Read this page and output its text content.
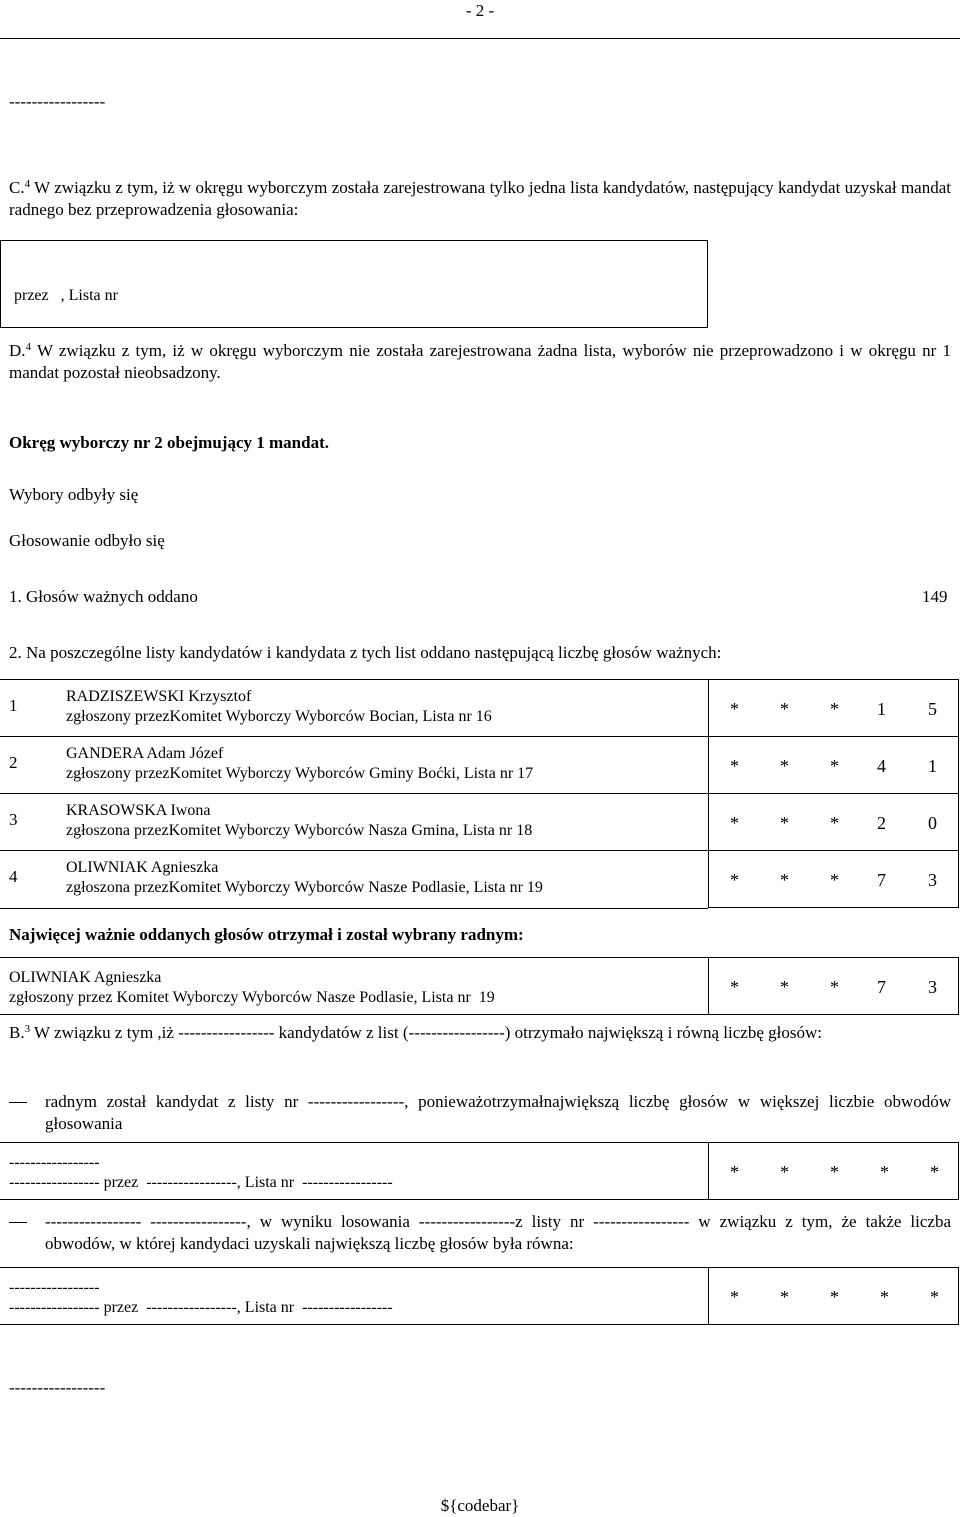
- 2 -
-----------------
C.$^4$ W związku z tym, iż w okręgu wyborczym została zarejestrowana tylko jedna lista kandydatów, następujący kandydat uzyskał mandat radnego bez przeprowadzenia głosowania:
przez   , Lista nr
D.$^4$ W związku z tym, iż w okręgu wyborczym nie została zarejestrowana żadna lista, wyborów nie przeprowadzono i w okręgu nr 1 mandat pozostał nieobsadzony.
Okręg wyborczy nr 2 obejmujący 1 mandat.
Wybory odbyły się
Głosowanie odbyło się
1. Głosów ważnych oddano	149
2. Na poszczególne listy kandydatów i kandydata z tych list oddano następującą liczbę głosów ważnych:
1	RADZISZEWSKI Krzysztof
zgłoszony przezKomitet Wyborczy Wyborców Bocian, Lista nr 16	* * * 1 5
2	GANDERA Adam Józef
zgłoszony przezKomitet Wyborczy Wyborców Gminy Boćki, Lista nr 17	* * * 4 1
3	KRASOWSKA Iwona
zgłoszona przezKomitet Wyborczy Wyborców Nasza Gmina, Lista nr 18	* * * 2 0
4	OLIWNIAK Agnieszka
zgłoszona przezKomitet Wyborczy Wyborców Nasze Podlasie, Lista nr 19	* * * 7 3
Najwięcej ważnie oddanych głosów otrzymał i został wybrany radnym:
OLIWNIAK Agnieszka
zgłoszony przez Komitet Wyborczy Wyborców Nasze Podlasie, Lista nr  19
* * * 7 3
B.$^3$ W związku z tym ,iż ----------------- kandydatów z list (-----------------) otrzymało największą i równą liczbę głosów:
radnym został kandydat z listy nr -----------------, ponieważotrzymałnajwiększą liczbę głosów w większej liczbie obwodów głosowania
-----------------
----------------- przez  -----------------, Lista nr  -----------------
* * * * *
----------------- -----------------, w wyniku losowania -----------------z listy nr ----------------- w związku z tym, że także liczba obwodów, w której kandydaci uzyskali największą liczbę głosów była równa:
-----------------
----------------- przez  -----------------, Lista nr  -----------------
* * * * *
-----------------
${codebar}
